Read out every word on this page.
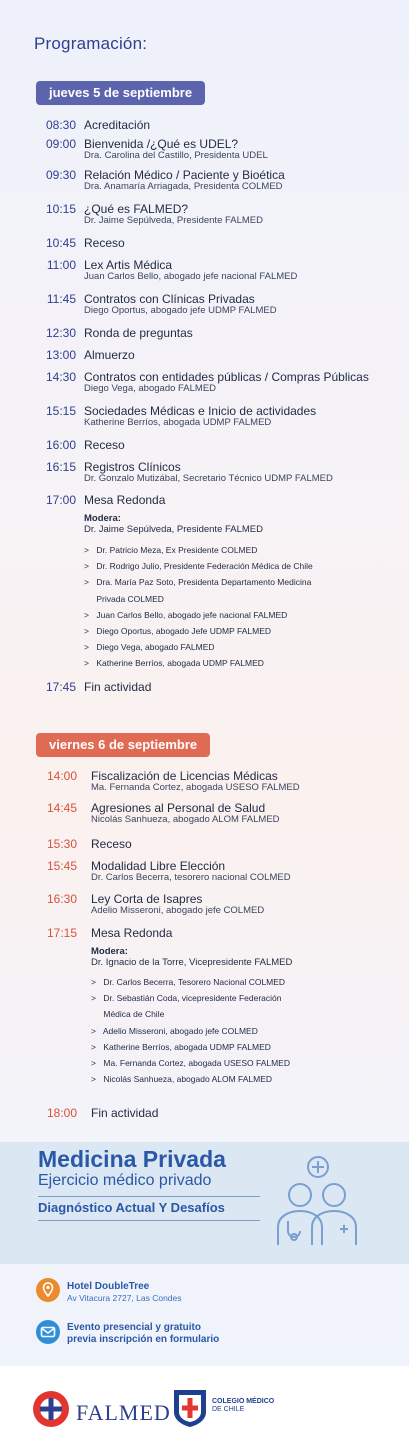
Programación:
jueves 5 de septiembre
08:30 Acreditación
09:00 Bienvenida /¿Qué es UDEL?
Dra. Carolina del Castillo, Presidenta UDEL
09:30 Relación Médico / Paciente y Bioética
Dra. Anamaría Arriagada, Presidenta COLMED
10:15 ¿Qué es FALMED?
Dr. Jaime Sepúlveda, Presidente FALMED
10:45 Receso
11:00 Lex Artis Médica
Juan Carlos Bello, abogado jefe nacional FALMED
11:45 Contratos con Clínicas Privadas
Diego Oportus, abogado jefe UDMP FALMED
12:30 Ronda de preguntas
13:00 Almuerzo
14:30 Contratos con entidades públicas / Compras Públicas
Diego Vega, abogado FALMED
15:15 Sociedades Médicas e Inicio de actividades
Katherine Berríos, abogada UDMP FALMED
16:00 Receso
16:15 Registros Clínicos
Dr. Gonzalo Mutizábal, Secretario Técnico UDMP FALMED
17:00 Mesa Redonda
Modera:
Dr. Jaime Sepúlveda, Presidente FALMED
> Dr. Patricio Meza, Ex Presidente COLMED
> Dr. Rodrigo Julio, Presidente Federación Médica de Chile
> Dra. María Paz Soto, Presidenta Departamento Medicina
Privada COLMED
> Juan Carlos Bello, abogado jefe nacional FALMED
> Diego Oportus, abogado Jefe UDMP FALMED
> Diego Vega, abogado FALMED
> Katherine Berríos, abogada UDMP FALMED
17:45 Fin actividad
viernes 6 de septiembre
14:00 Fiscalización de Licencias Médicas
Ma. Fernanda Cortez, abogada USESO FALMED
14:45 Agresiones al Personal de Salud
Nicolás Sanhueza, abogado ALOM FALMED
15:30 Receso
15:45 Modalidad Libre Elección
Dr. Carlos Becerra, tesorero nacional COLMED
16:30 Ley Corta de Isapres
Adelio Misseroni, abogado jefe COLMED
17:15 Mesa Redonda
Modera:
Dr. Ignacio de la Torre, Vicepresidente FALMED
> Dr. Carlos Becerra, Tesorero Nacional COLMED
> Dr. Sebastián Coda, vicepresidente Federación
Médica de Chile
> Adelio Misseroni, abogado jefe COLMED
> Katherine Berríos, abogada UDMP FALMED
> Ma. Fernanda Cortez, abogada USESO FALMED
> Nicolás Sanhueza, abogado ALOM FALMED
18:00 Fin actividad
Medicina Privada
Ejercicio médico privado
Diagnóstico Actual Y Desafíos
Hotel DoubleTree
Av Vitacura 2727, Las Condes
Evento presencial y gratuito
previa inscripción en formulario
FALMED	COLEGIO MÉDICO
DE CHILE
